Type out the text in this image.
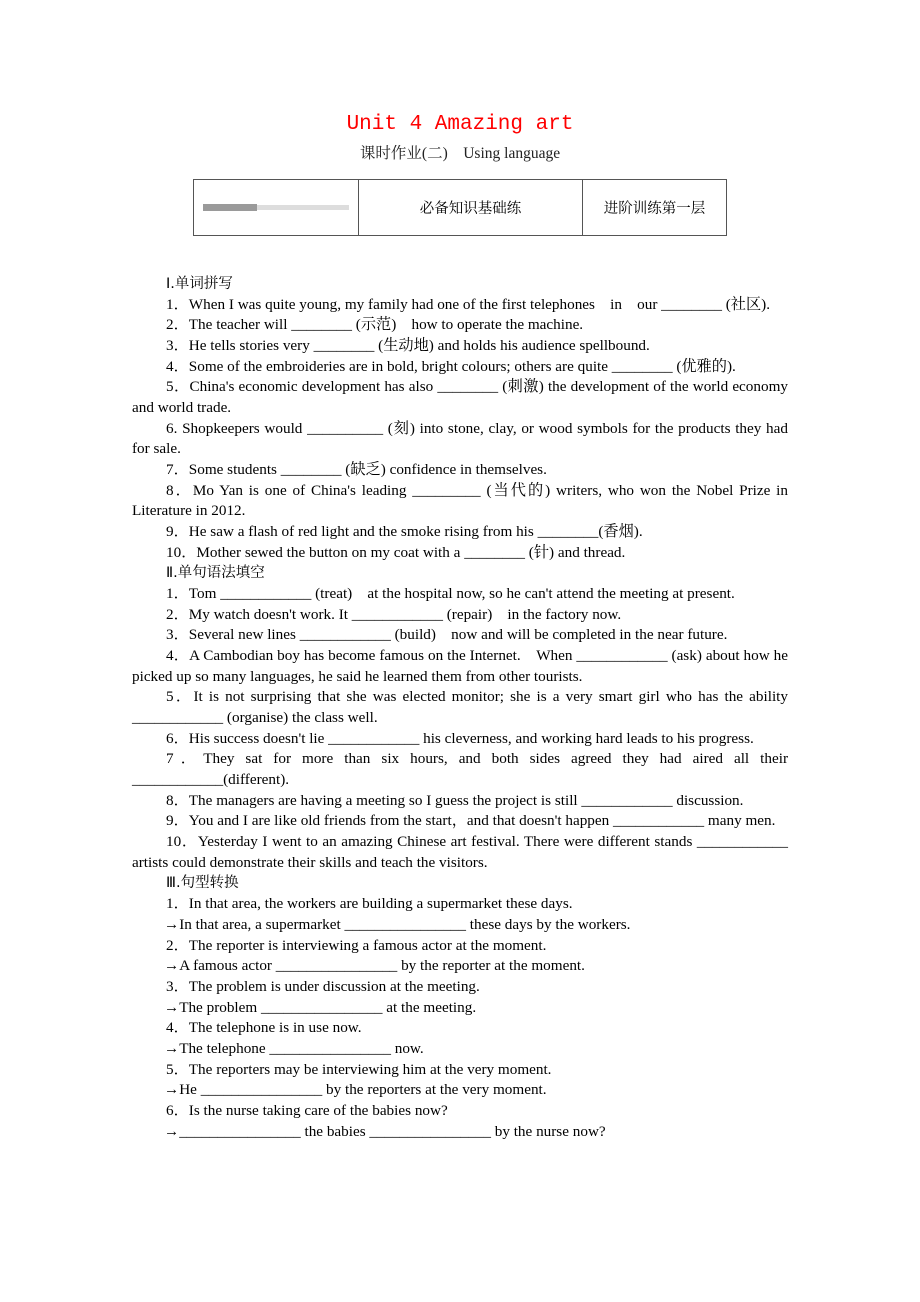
Unit 4 Amazing art
课时作业(二)　Using language
	必备知识基础练	进阶训练第一层

Ⅰ.单词拼写

1．When I was quite young, my family had one of the first telephones　in　our ________ (社区).

2．The teacher will ________ (示范)　how to operate the machine.

3．He tells stories very ________ (生动地) and holds his audience spellbound.

4．Some of the embroideries are in bold, bright colours; others are quite ________ (优雅的).

5．China's economic development has also ________ (刺激) the development of the world economy and world trade.

6. Shopkeepers would __________ (刻) into stone, clay, or wood symbols for the products they had for sale.

7．Some students ________ (缺乏) confidence in themselves.

8．Mo Yan is one of China's leading _________ (当代的) writers, who won the Nobel Prize in Literature in 2012.

9．He saw a flash of red light and the smoke rising from his ________(香烟).

10．Mother sewed the button on my coat with a ________ (针) and thread.

Ⅱ.单句语法填空

1．Tom ____________ (treat)　at the hospital now, so he can't attend the meeting at present.

2．My watch doesn't work. It ____________ (repair)　in the factory now.

3．Several new lines ____________ (build)　now and will be completed in the near future.

4．A Cambodian boy has become famous on the Internet.　When ____________ (ask) about how he picked up so many languages, he said he learned them from other tourists.

5．It is not surprising that she was elected monitor; she is a very smart girl who has the ability ____________ (organise) the class well.

6．His success doesn't lie ____________ his cleverness, and working hard leads to his progress.

7．They sat for more than six hours, and both sides agreed they had aired all their ____________(different).

8．The managers are having a meeting so I guess the project is still ____________ discussion.

9．You and I are like old friends from the start，and that doesn't happen ____________ many men.

10．Yesterday I went to an amazing Chinese art festival. There were different stands ____________ artists could demonstrate their skills and teach the visitors.

Ⅲ.句型转换

1．In that area, the workers are building a supermarket these days.

→In that area, a supermarket ________________ these days by the workers.

2．The reporter is interviewing a famous actor at the moment.

→A famous actor ________________ by the reporter at the moment.

3．The problem is under discussion at the meeting.

→The problem ________________ at the meeting.

4．The telephone is in use now.

→The telephone ________________ now.

5．The reporters may be interviewing him at the very moment.

→He ________________ by the reporters at the very moment.

6．Is the nurse taking care of the babies now?

→________________ the babies ________________ by the nurse now?
